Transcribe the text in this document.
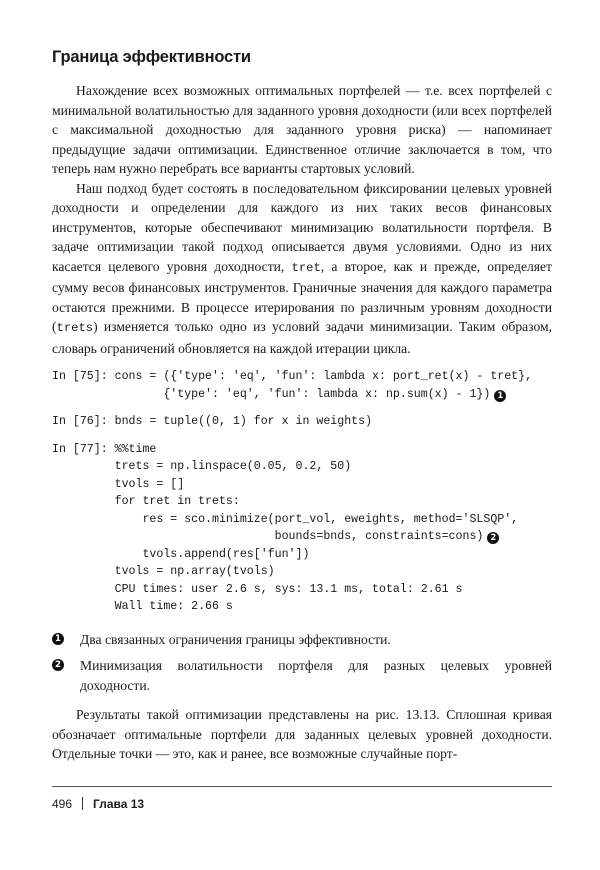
Граница эффективности

Нахождение всех возможных оптимальных портфелей — т.е. всех портфелей с минимальной волатильностью для заданного уровня доходности (или всех портфелей с максимальной доходностью для заданного уровня риска) — напоминает предыдущие задачи оптимизации. Единственное отличие заключается в том, что теперь нам нужно перебрать все варианты стартовых условий.

Наш подход будет состоять в последовательном фиксировании целевых уровней доходности и определении для каждого из них таких весов финансовых инструментов, которые обеспечивают минимизацию волатильности портфеля. В задаче оптимизации такой подход описывается двумя условиями. Одно из них касается целевого уровня доходности, tret, а второе, как и прежде, определяет сумму весов финансовых инструментов. Граничные значения для каждого параметра остаются прежними. В процессе итерирования по различным уровням доходности (trets) изменяется только одно из условий задачи минимизации. Таким образом, словарь ограничений обновляется на каждой итерации цикла.

In [75]: cons = ({'type': 'eq', 'fun': lambda x: port_ret(x) - tret},
{'type': 'eq', 'fun': lambda x: np.sum(x) - 1}) 1
In [76]: bnds = tuple((0, 1) for x in weights)
In [77]: %%time
trets = np.linspace(0.05, 0.2, 50)
tvols = []
for tret in trets:
res = sco.minimize(port_vol, eweights, method='SLSQP',
bounds=bnds, constraints=cons) 2
tvols.append(res['fun'])
tvols = np.array(tvols)
CPU times: user 2.6 s, sys: 13.1 ms, total: 2.61 s
Wall time: 2.66 s
1 Два связанных ограничения границы эффективности.
2 Минимизация волатильности портфеля для разных целевых уровней доходности.

Результаты такой оптимизации представлены на рис. 13.13. Сплошная кривая обозначает оптимальные портфели для заданных целевых уровней доходности. Отдельные точки — это, как и ранее, все возможные случайные порт-

496 Глава 13
